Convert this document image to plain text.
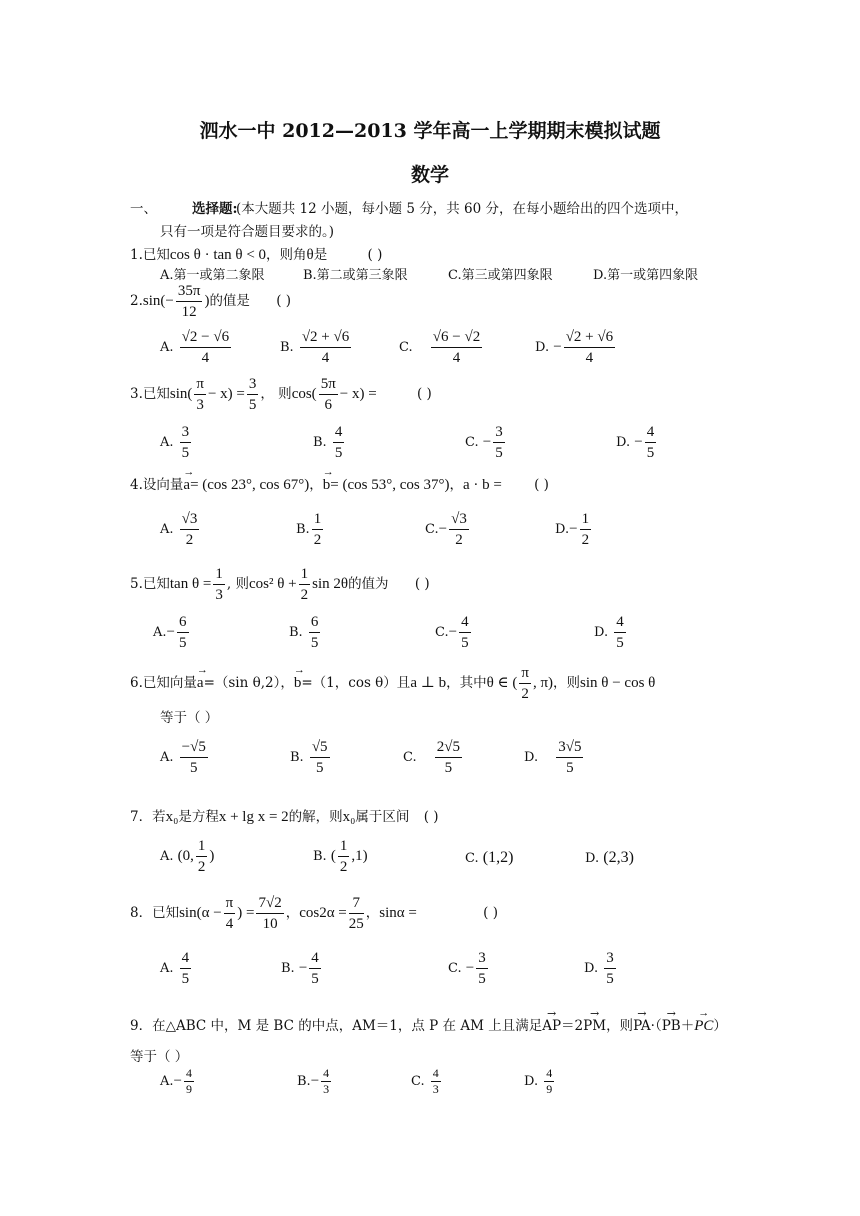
泗水一中 2012—2013 学年高一上学期期末模拟试题
数学
一、	选择题:
(本大题共 12 小题，每小题 5 分，共 60 分，在每小题给出的四个选项中，
只有一项是符合题目要求的。)
1.已知cos θ · tan θ < 0，则角θ是	( )
A.第一或第二象限	B.第二或第三象限	C.第三或第四象限	D.第一或第四象限
$2.\sin(- \frac{35\pi}{12}$ )的值是 ( )
A. $\frac{√2 - √6}{4}$	B. $\frac{√2 + √6}{4}$	C. $\frac{√6 - √2}{4}$	D. − $\frac{√2 + √6}{4}$
3.已知$\sin( \frac{\pi}{3} - x) = \frac{3}{5}$ ， 则$\cos( \frac{5\pi}{6} - x)$ =	( )
A. $\frac{3}{5}$	B. $\frac{4}{5}$	C. − $\frac{3}{5}$	D. − $\frac{4}{5}$
4.设向量a →= (cos 23°, cos 67°)，b →= (cos 53°, cos 37°)，a · b = ( )
A. $\frac{√3}{2}$	B. $\frac{1}{2}$	$C.- \frac{√3}{2}$	$D.- \frac{1}{2}$
5.已知$\tan \theta = \frac{1}{3}$ , 则cos² $\theta + \frac{1}{2}$ sin 2θ的值为 ( )
$A.- \frac{6}{5}$	B. $\frac{6}{5}$	$C.- \frac{4}{5}$	D. $\frac{4}{5}$
6.已知向量a →=（sin θ,2），b →=（1，cos θ）且a ⊥ b，其中θ ∈ ( $\frac{\pi}{2}$ , π)，则sin θ − cos θ
等于（ ）
A. $\frac{-√5}{5}$	B. $\frac{√5}{5}$	C. $\frac{2√5}{5}$	D. $\frac{3√5}{5}$
7．若x₀是方程x + lg x = 2的解，则x₀属于区间 ( )
A. (0, $\frac{1}{2}$ )	B. ( $\frac{1}{2} ,1$)	C. (1,2)	D. (2,3)
8．已知$\sin(\alpha - \frac{\pi}{4}$ ) = $\frac{7√2}{10}$ ，$\cos 2\alpha = \frac{7}{25}$ ，sinα =	( )
A. $\frac{4}{5}$	B. − $\frac{4}{5}$	C. − $\frac{3}{5}$	D. $\frac{3}{5}$
9．在△ABC 中，M 是 BC 的中点，AM＝1，点 P 在 AM 上且满足AP →＝2PM →，则PA →·（PB →＋PC →）
等于（ ）
$A.- \frac{4}{9}$	$B.- \frac{4}{3}$	C. $\frac{4}{3}$	D. $\frac{4}{9}$
